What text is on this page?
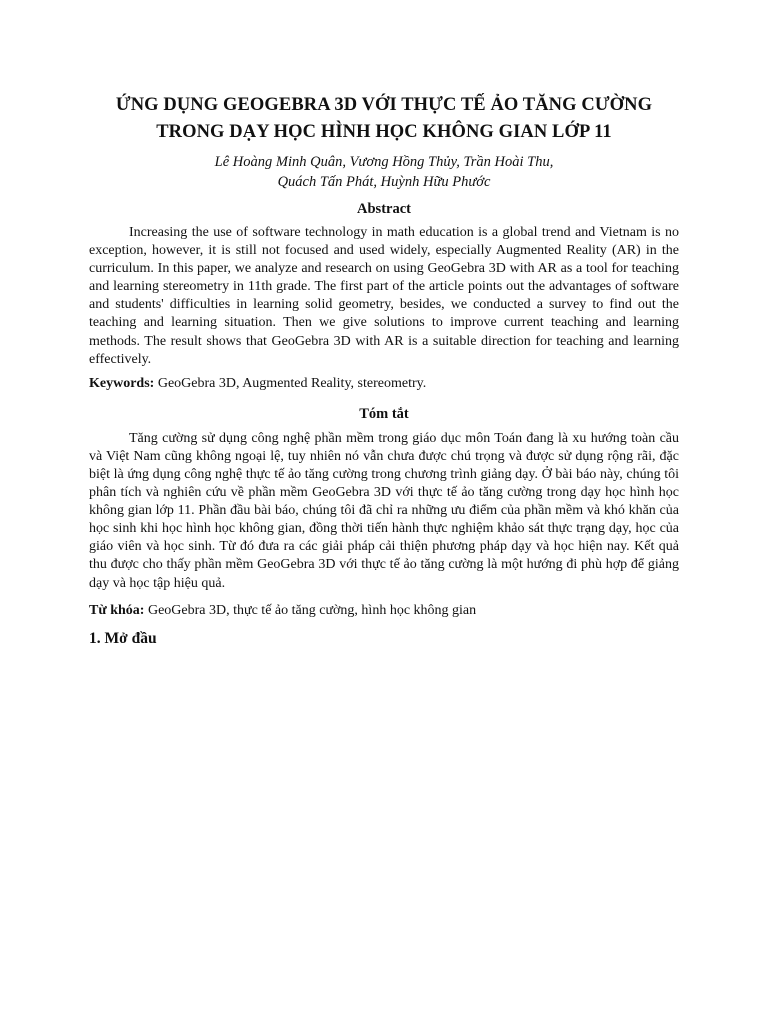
ỨNG DỤNG GEOGEBRA 3D VỚI THỰC TẾ ẢO TĂNG CƯỜNG
TRONG DẠY HỌC HÌNH HỌC KHÔNG GIAN LỚP 11
Lê Hoàng Minh Quân, Vương Hồng Thủy, Trần Hoài Thu,
Quách Tấn Phát, Huỳnh Hữu Phước
Abstract

Increasing the use of software technology in math education is a global trend and Vietnam is no exception, however, it is still not focused and used widely, especially Augmented Reality (AR) in the curriculum. In this paper, we analyze and research on using GeoGebra 3D with AR as a tool for teaching and learning stereometry in 11th grade. The first part of the article points out the advantages of software and students' difficulties in learning solid geometry, besides, we conducted a survey to find out the teaching and learning situation. Then we give solutions to improve current teaching and learning methods. The result shows that GeoGebra 3D with AR is a suitable direction for teaching and learning effectively.

Keywords: GeoGebra 3D, Augmented Reality, stereometry.
Tóm tắt

Tăng cường sử dụng công nghệ phần mềm trong giáo dục môn Toán đang là xu hướng toàn cầu và Việt Nam cũng không ngoại lệ, tuy nhiên nó vẫn chưa được chú trọng và được sử dụng rộng rãi, đặc biệt là ứng dụng công nghệ thực tế ảo tăng cường trong chương trình giảng dạy. Ở bài báo này, chúng tôi phân tích và nghiên cứu về phần mềm GeoGebra 3D với thực tế ảo tăng cường trong dạy học hình học không gian lớp 11. Phần đầu bài báo, chúng tôi đã chỉ ra những ưu điểm của phần mềm và khó khăn của học sinh khi học hình học không gian, đồng thời tiến hành thực nghiệm khảo sát thực trạng dạy, học của giáo viên và học sinh. Từ đó đưa ra các giải pháp cải thiện phương pháp dạy và học hiện nay. Kết quả thu được cho thấy phần mềm GeoGebra 3D với thực tế ảo tăng cường là một hướng đi phù hợp để giảng dạy và học tập hiệu quả.

Từ khóa: GeoGebra 3D, thực tế ảo tăng cường, hình học không gian
1. Mở đầu
